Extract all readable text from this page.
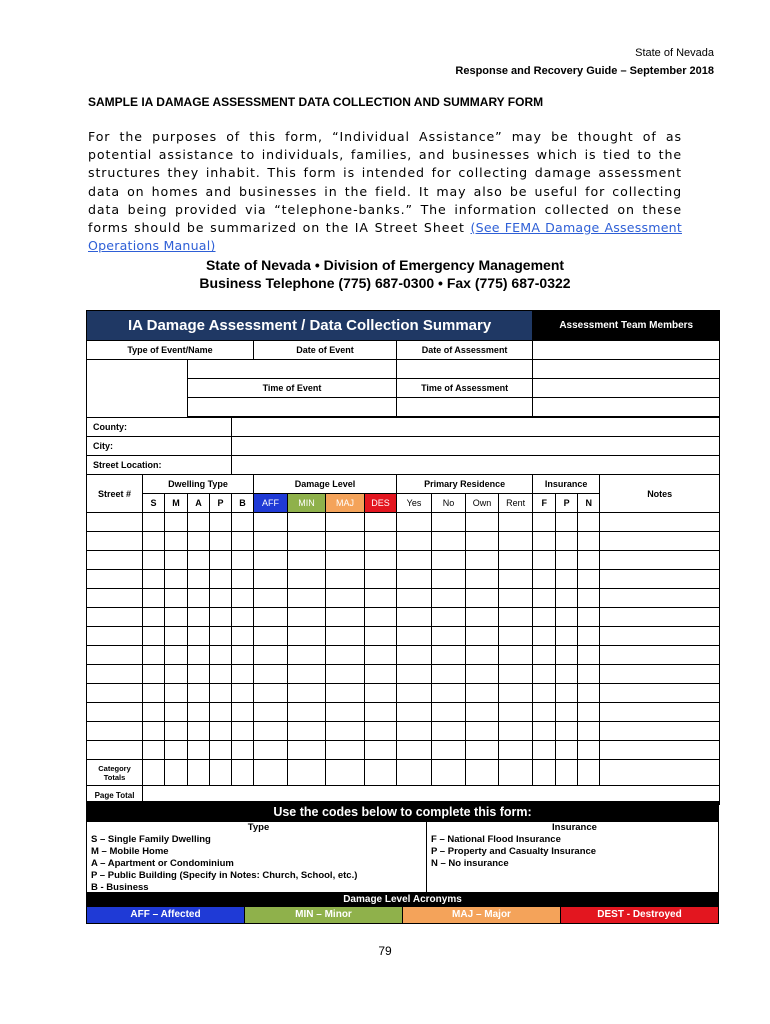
State of Nevada
Response and Recovery Guide – September 2018
SAMPLE IA DAMAGE ASSESSMENT DATA COLLECTION AND SUMMARY FORM
For the purposes of this form, “Individual Assistance” may be thought of as potential assistance to individuals, families, and businesses which is tied to the structures they inhabit. This form is intended for collecting damage assessment data on homes and businesses in the field. It may also be useful for collecting data being provided via “telephone-banks.” The information collected on these forms should be summarized on the IA Street Sheet (See FEMA Damage Assessment Operations Manual)
State of Nevada • Division of Emergency Management
Business Telephone (775) 687-0300 • Fax (775) 687-0322
IA Damage Assessment / Data Collection Summary														Assessment Team Members			
Type of Event/Name						Date of Event				Date of Assessment							

			Time of Event							Time of Assessment							

County:																	
City:																	
Street Location:																	
Street #	Dwelling Type					Damage Level				Primary Residence				Insurance			Notes
	S	M	A	P	B	AFF	MIN	MAJ	DES	Yes	No	Own	Rent	F	P	N	

Category Totals																	
Page Total																	
Use the codes below to complete this form:
Type
S – Single Family Dwelling
M – Mobile Home
A – Apartment or Condominium
P – Public Building (Specify in Notes: Church, School, etc.)
B - Business
Insurance
F – National Flood Insurance
P – Property and Casualty Insurance
N – No insurance
Damage Level Acronyms
AFF – Affected	MIN – Minor	MAJ – Major	DEST - Destroyed
79
